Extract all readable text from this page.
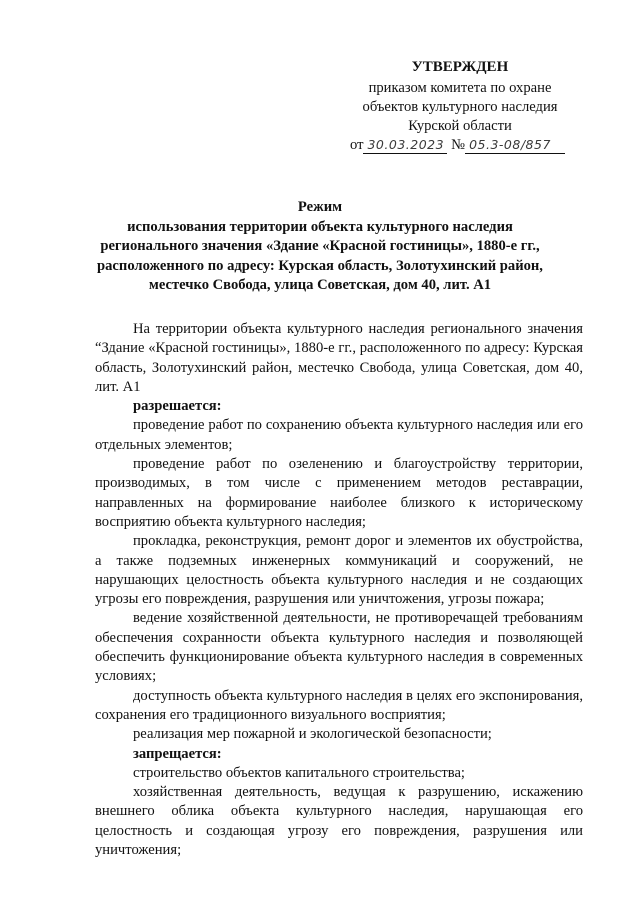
УТВЕРЖДЕН
приказом комитета по охране
объектов культурного наследия
Курской области
от 30.03.2023 № 05.3-08/857
Режим
использования территории объекта культурного наследия
регионального значения «Здание «Красной гостиницы», 1880-е гг.,
расположенного по адресу: Курская область, Золотухинский район,
местечко Свобода, улица Советская, дом 40, лит. А1

На территории объекта культурного наследия регионального значения “Здание «Красной гостиницы», 1880-е гг., расположенного по адресу: Курская область, Золотухинский район, местечко Свобода, улица Советская, дом 40, лит. А1

разрешается:

проведение работ по сохранению объекта культурного наследия или его отдельных элементов;

проведение работ по озеленению и благоустройству территории, производимых, в том числе с применением методов реставрации, направленных на формирование наиболее близкого к историческому восприятию объекта культурного наследия;

прокладка, реконструкция, ремонт дорог и элементов их обустройства, а также подземных инженерных коммуникаций и сооружений, не нарушающих целостность объекта культурного наследия и не создающих угрозы его повреждения, разрушения или уничтожения, угрозы пожара;

ведение хозяйственной деятельности, не противоречащей требованиям обеспечения сохранности объекта культурного наследия и позволяющей обеспечить функционирование объекта культурного наследия в современных условиях;

доступность объекта культурного наследия в целях его экспонирования, сохранения его традиционного визуального восприятия;

реализация мер пожарной и экологической безопасности;

запрещается:

строительство объектов капитального строительства;

хозяйственная деятельность, ведущая к разрушению, искажению внешнего облика объекта культурного наследия, нарушающая его целостность и создающая угрозу его повреждения, разрушения или уничтожения;
